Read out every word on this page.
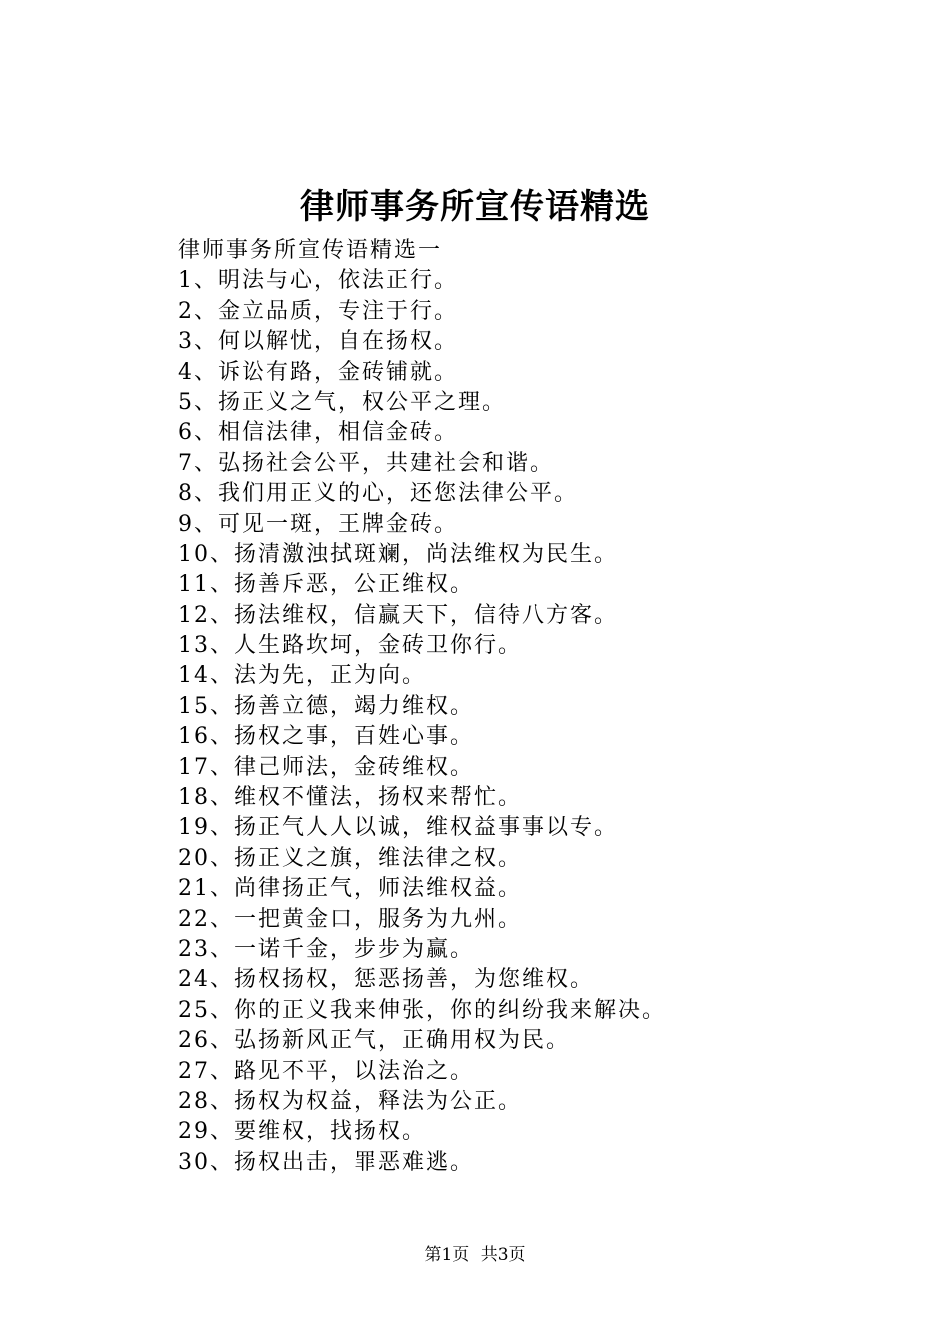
律师事务所宣传语精选
律师事务所宣传语精选一
1、明法与心，依法正行。
2、金立品质，专注于行。
3、何以解忧，自在扬权。
4、诉讼有路，金砖铺就。
5、扬正义之气，权公平之理。
6、相信法律，相信金砖。
7、弘扬社会公平，共建社会和谐。
8、我们用正义的心，还您法律公平。
9、可见一斑，王牌金砖。
10、扬清激浊拭斑斓，尚法维权为民生。
11、扬善斥恶，公正维权。
12、扬法维权，信赢天下，信待八方客。
13、人生路坎坷，金砖卫你行。
14、法为先，正为向。
15、扬善立德，竭力维权。
16、扬权之事，百姓心事。
17、律己师法，金砖维权。
18、维权不懂法，扬权来帮忙。
19、扬正气人人以诚，维权益事事以专。
20、扬正义之旗，维法律之权。
21、尚律扬正气，师法维权益。
22、一把黄金口，服务为九州。
23、一诺千金，步步为赢。
24、扬权扬权，惩恶扬善，为您维权。
25、你的正义我来伸张，你的纠纷我来解决。
26、弘扬新风正气，正确用权为民。
27、路见不平，以法治之。
28、扬权为权益，释法为公正。
29、要维权，找扬权。
30、扬权出击，罪恶难逃。
第1页 共3页
